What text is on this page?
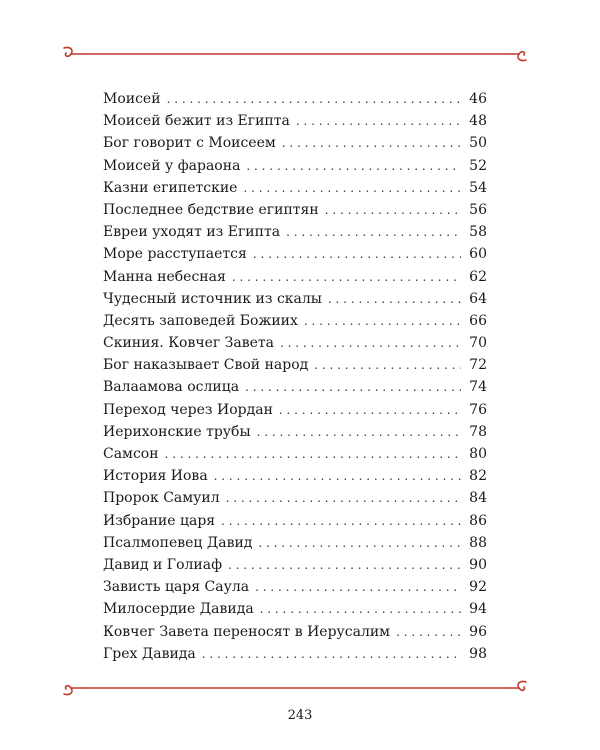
Моисей . . .	46
Моисей бежит из Египта . . .	48
Бог говорит с Моисеем . . .	50
Моисей у фараона . . .	52
Казни египетские . . .	54
Последнее бедствие египтян . . .	56
Евреи уходят из Египта . . .	58
Море расступается . . .	60
Манна небесная . . .	62
Чудесный источник из скалы . . .	64
Десять заповедей Божиих . . .	66
Скиния. Ковчег Завета . . .	70
Бог наказывает Свой народ . . .	72
Валаамова ослица . . .	74
Переход через Иордан . . .	76
Иерихонские трубы . . .	78
Самсон . . .	80
История Иова . . .	82
Пророк Самуил . . .	84
Избрание царя . . .	86
Псалмопевец Давид . . .	88
Давид и Голиаф . . .	90
Зависть царя Саула . . .	92
Милосердие Давида . . .	94
Ковчег Завета переносят в Иерусалим . . .	96
Грех Давида . . .	98
243
